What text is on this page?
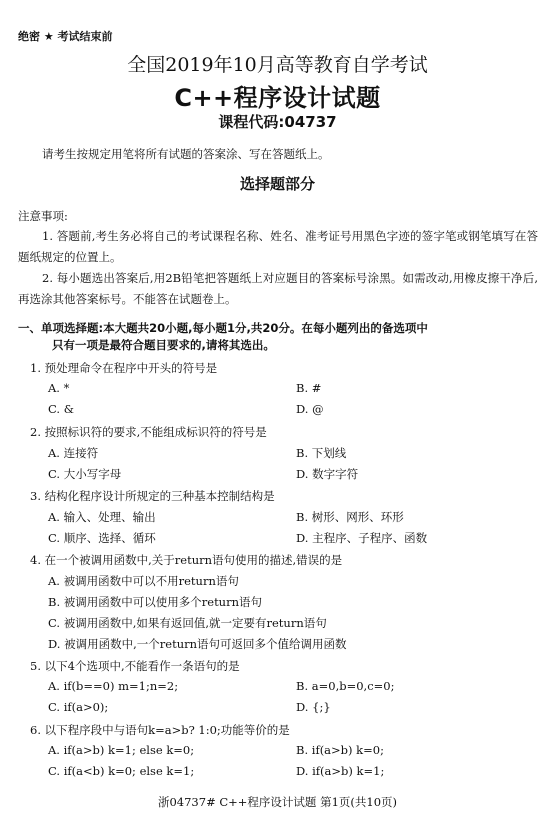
绝密 ★ 考试结束前
全国2019年10月高等教育自学考试
C++程序设计试题
课程代码:04737
请考生按规定用笔将所有试题的答案涂、写在答题纸上。
选择题部分
注意事项:
1. 答题前,考生务必将自己的考试课程名称、姓名、准考证号用黑色字迹的签字笔或钢笔填写在答题纸规定的位置上。
2. 每小题选出答案后,用2B铅笔把答题纸上对应题目的答案标号涂黑。如需改动,用橡皮擦干净后,再选涂其他答案标号。不能答在试题卷上。
一、单项选择题:本大题共20小题,每小题1分,共20分。在每小题列出的备选项中
只有一项是最符合题目要求的,请将其选出。
1. 预处理命令在程序中开头的符号是
A. *	B. #
C. &	D. @
2. 按照标识符的要求,不能组成标识符的符号是
A. 连接符	B. 下划线
C. 大小写字母	D. 数字字符
3. 结构化程序设计所规定的三种基本控制结构是
A. 输入、处理、输出	B. 树形、网形、环形
C. 顺序、选择、循环	D. 主程序、子程序、函数
4. 在一个被调用函数中,关于return语句使用的描述,错误的是
A. 被调用函数中可以不用return语句
B. 被调用函数中可以使用多个return语句
C. 被调用函数中,如果有返回值,就一定要有return语句
D. 被调用函数中,一个return语句可返回多个值给调用函数
5. 以下4个选项中,不能看作一条语句的是
A. if(b==0) m=1;n=2;	B. a=0,b=0,c=0;
C. if(a>0);	D. {;}
6. 以下程序段中与语句k=a>b? 1:0;功能等价的是
A. if(a>b) k=1; else k=0;	B. if(a>b) k=0;
C. if(a<b) k=0; else k=1;	D. if(a>b) k=1;
浙04737# C++程序设计试题 第1页(共10页)
